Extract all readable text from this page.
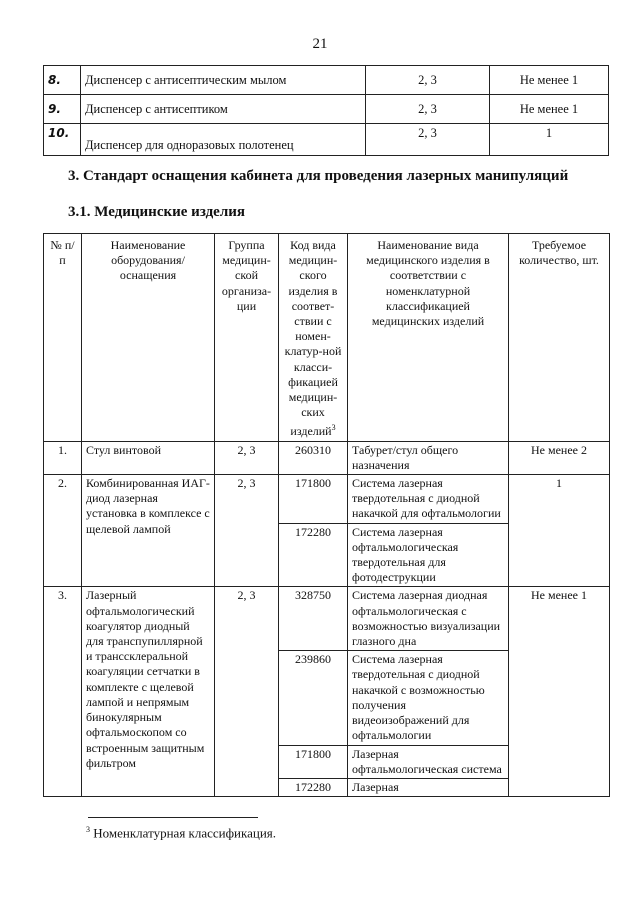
21
8.	Диспенсер с антисептическим мылом	2, 3	Не менее 1
9.	Диспенсер с антисептиком	2, 3	Не менее 1
10.	Диспенсер для одноразовых полотенец	2, 3	1
3. Стандарт оснащения кабинета для проведения лазерных манипуляций
3.1. Медицинские изделия
№ п/п	Наименование оборудования/ оснащения	Группа медицин-ской организа-ции	Код вида медицин-ского изделия в соответ-ствии с номен-клатур-ной класси-фикацией медицин-ских изделий$^3$	Наименование вида медицинского изделия в соответствии с номенклатурной классификацией медицинских изделий	Требуемое количество, шт.
1.	Стул винтовой	2, 3	260310	Табурет/стул общего назначения	Не менее 2
2.	Комбинированная ИАГ-диод лазерная установка в комплексе с щелевой лампой	2, 3	171800	Система лазерная твердотельная с диодной накачкой для офтальмологии	1
			172280	Система лазерная офтальмологическая твердотельная для фотодеструкции	
3.	Лазерный офтальмологический коагулятор диодный для транспупиллярной и транссклеральной коагуляции сетчатки в комплекте с щелевой лампой и непрямым бинокулярным офтальмоскопом со встроенным защитным фильтром	2, 3	328750	Система лазерная диодная офтальмологическая с возможностью визуализации глазного дна	Не менее 1
			239860	Система лазерная твердотельная с диодной накачкой с возможностью получения видеоизображений для офтальмологии	
			171800	Лазерная офтальмологическая система	
			172280	Лазерная	
$^3$ Номенклатурная классификация.
